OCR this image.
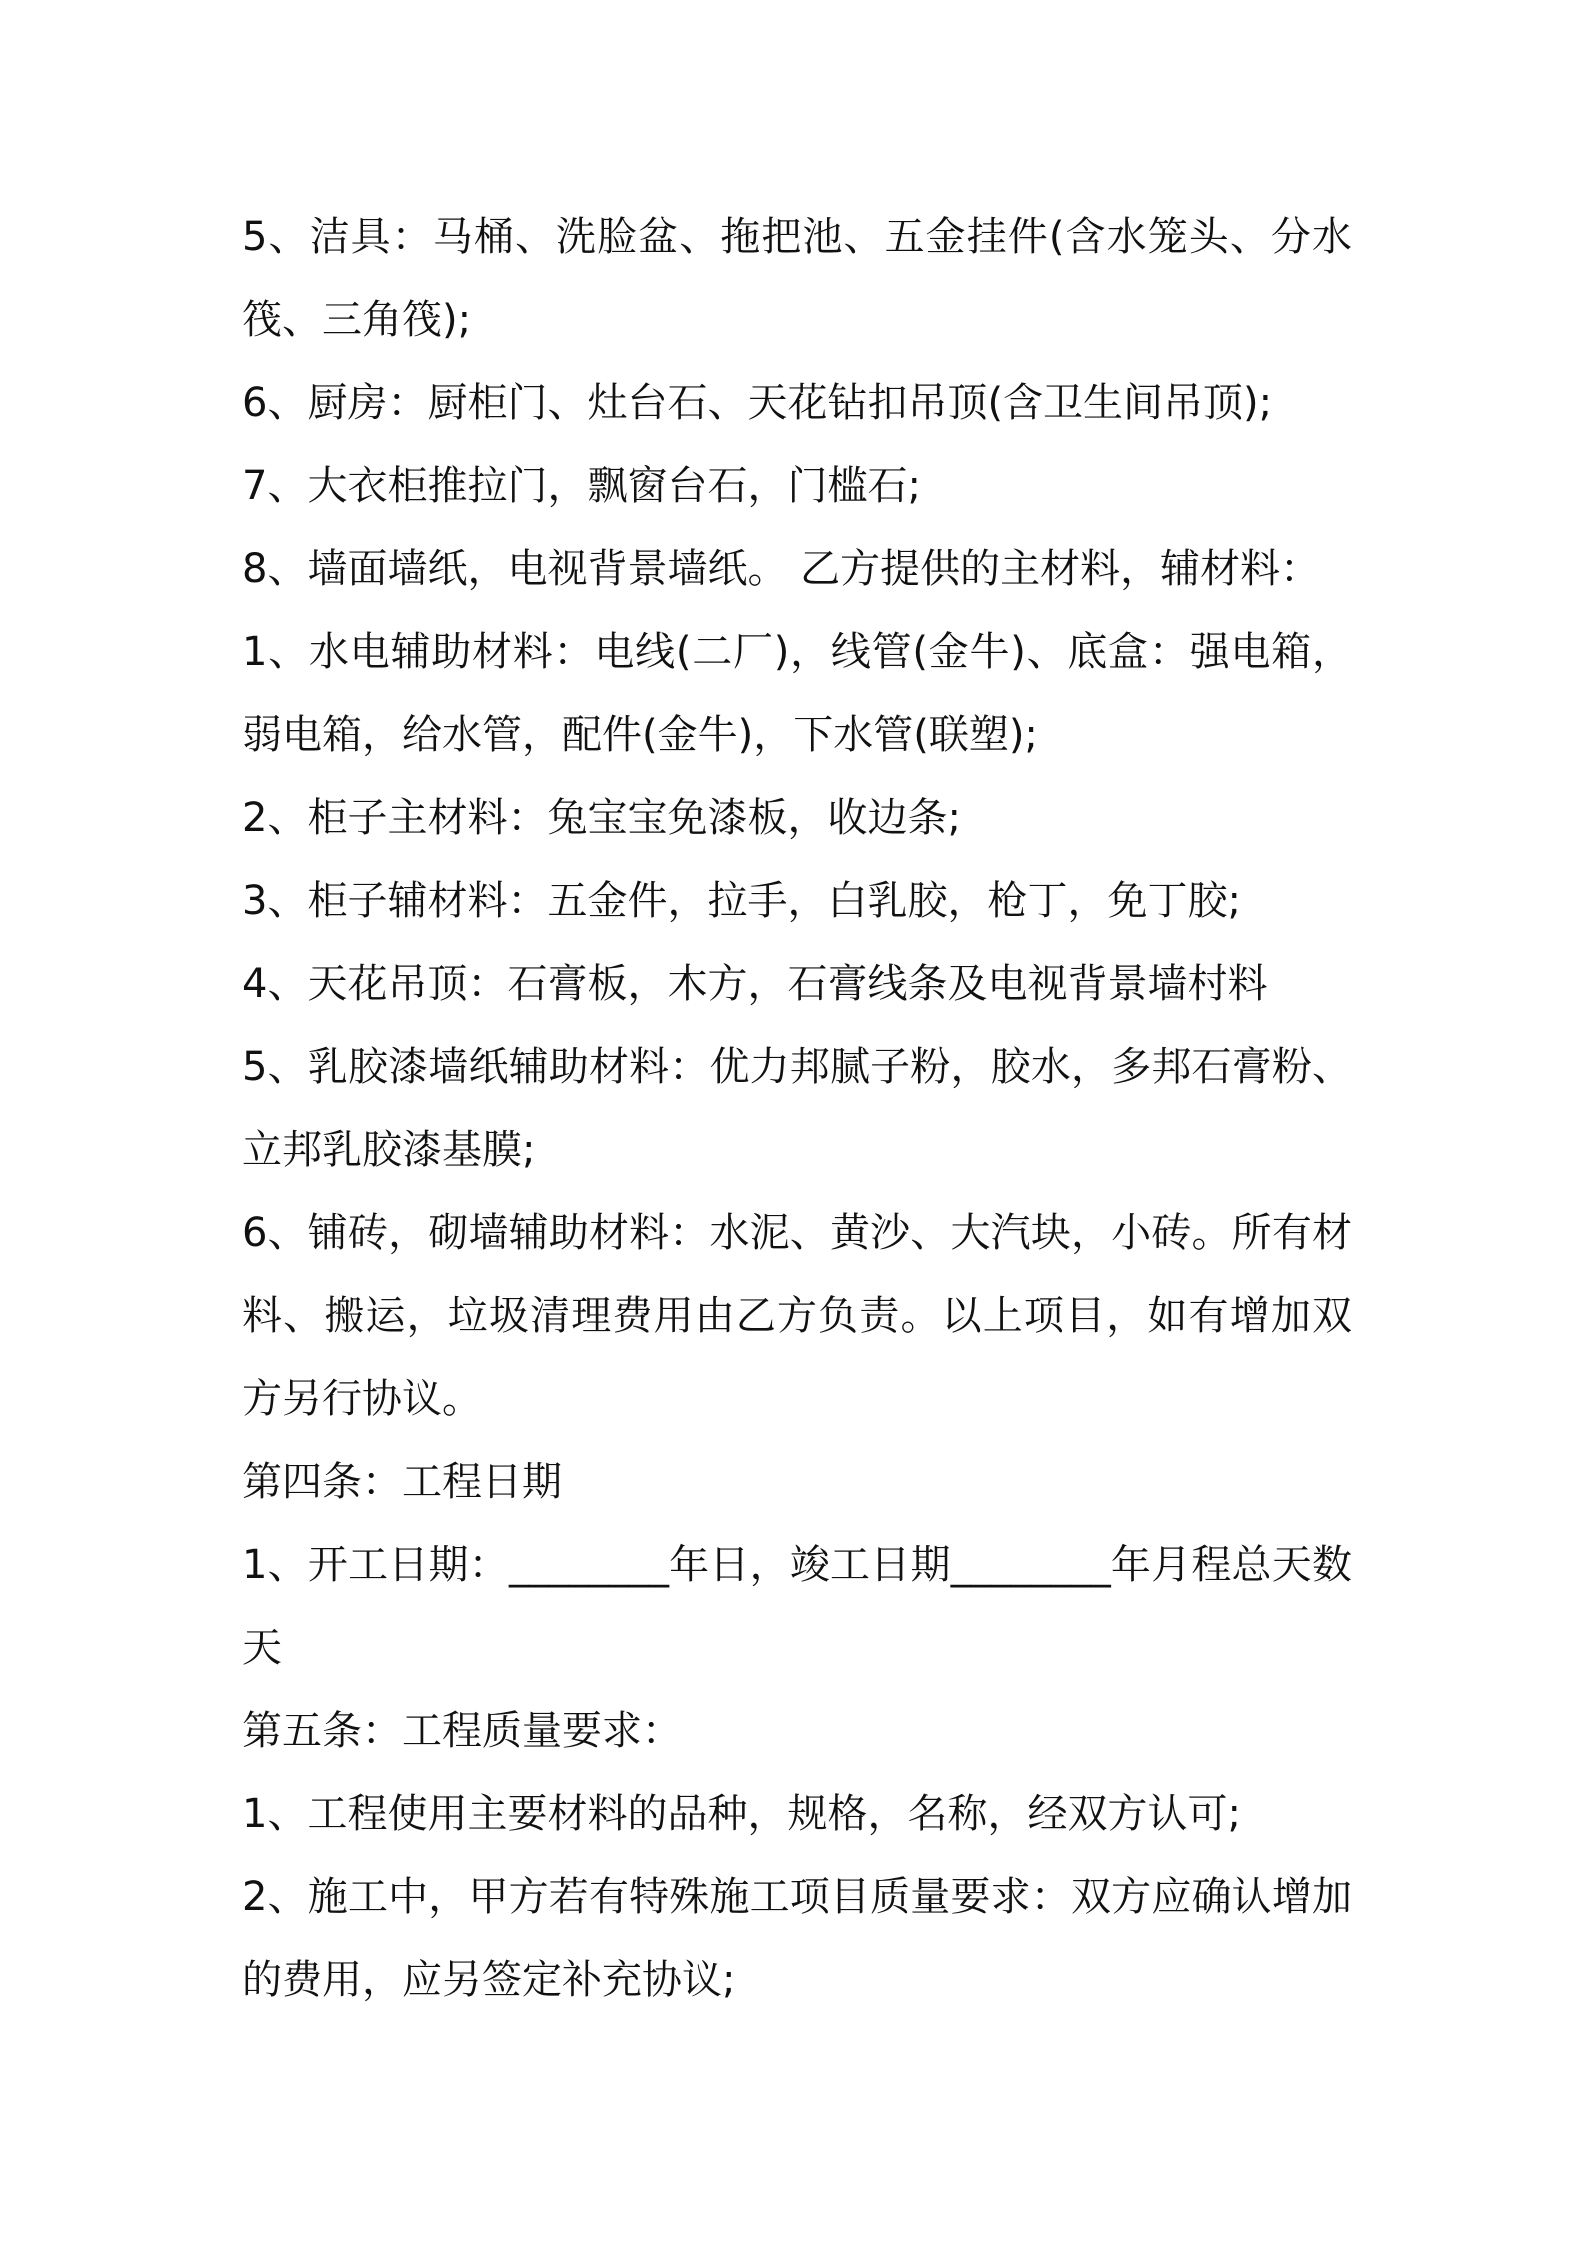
5、洁具：马桶、洗脸盆、拖把池、五金挂件(含水笼头、分水筏、三角筏);

6、厨房：厨柜门、灶台石、天花钻扣吊顶(含卫生间吊顶);

7、大衣柜推拉门，飘窗台石，门槛石;

8、墙面墙纸，电视背景墙纸。 乙方提供的主材料，辅材料：

1、水电辅助材料：电线(二厂)，线管(金牛)、底盒：强电箱，弱电箱，给水管，配件(金牛)，下水管(联塑);

2、柜子主材料：兔宝宝免漆板，收边条;

3、柜子辅材料：五金件，拉手，白乳胶，枪丁，免丁胶;

4、天花吊顶：石膏板，木方，石膏线条及电视背景墙村料

5、乳胶漆墙纸辅助材料：优力邦腻子粉，胶水，多邦石膏粉、立邦乳胶漆基膜;

6、铺砖，砌墙辅助材料：水泥、黄沙、大汽块，小砖。所有材料、搬运，垃圾清理费用由乙方负责。以上项目，如有增加双方另行协议。

第四条：工程日期

1、开工日期：________年日，竣工日期________年月程总天数 天

第五条：工程质量要求：

1、工程使用主要材料的品种，规格，名称，经双方认可;

2、施工中，甲方若有特殊施工项目质量要求：双方应确认增加的费用，应另签定补充协议;
